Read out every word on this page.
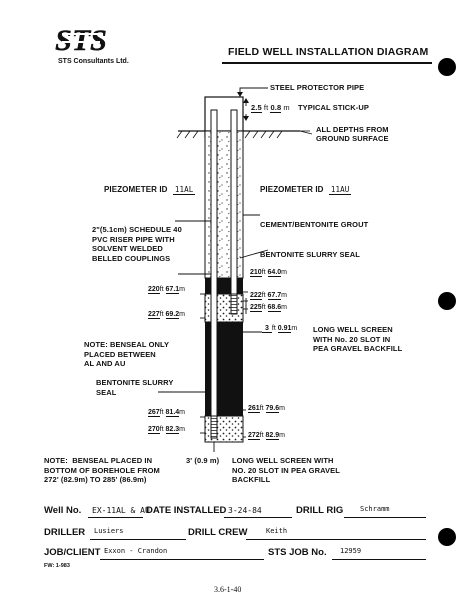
STS
STS Consultants Ltd.
FIELD WELL INSTALLATION DIAGRAM
STEEL PROTECTOR PIPE
2.5 ft 0.8 m TYPICAL STICK-UP
ALL DEPTHS FROM
GROUND SURFACE
PIEZOMETER ID 11AL	PIEZOMETER ID 11AU
2"(5.1cm) SCHEDULE 40
PVC RISER PIPE WITH
SOLVENT WELDED
BELLED COUPLINGS
CEMENT/BENTONITE GROUT
BENTONITE SLURRY SEAL
210ft 64.0m
222ft 67.7m
225ft 68.6m
220ft 67.1m
227ft 69.2m
3 ft 0.91m LONG WELL SCREEN
WITH No. 20 SLOT IN
PEA GRAVEL BACKFILL
NOTE: BENSEAL ONLY
PLACED BETWEEN
AL AND AU
BENTONITE SLURRY
SEAL
261ft 79.6m
267ft 81.4m
270ft 82.3m
272ft 82.9m
NOTE:  BENSEAL PLACED IN
BOTTOM OF BOREHOLE FROM
272' (82.9m) TO 285' (86.9m)
3' (0.9 m) LONG WELL SCREEN WITH
NO. 20 SLOT IN PEA GRAVEL
BACKFILL
Well No. EX-11AL & AU
DATE INSTALLED 3-24-84	DRILL RIG Schramm
DRILLER Lusiers	DRILL CREW	Keith
JOB/CLIENT Exxon - Crandon	STS JOB No. 12959
FW: 1-983
3.6-1-40
